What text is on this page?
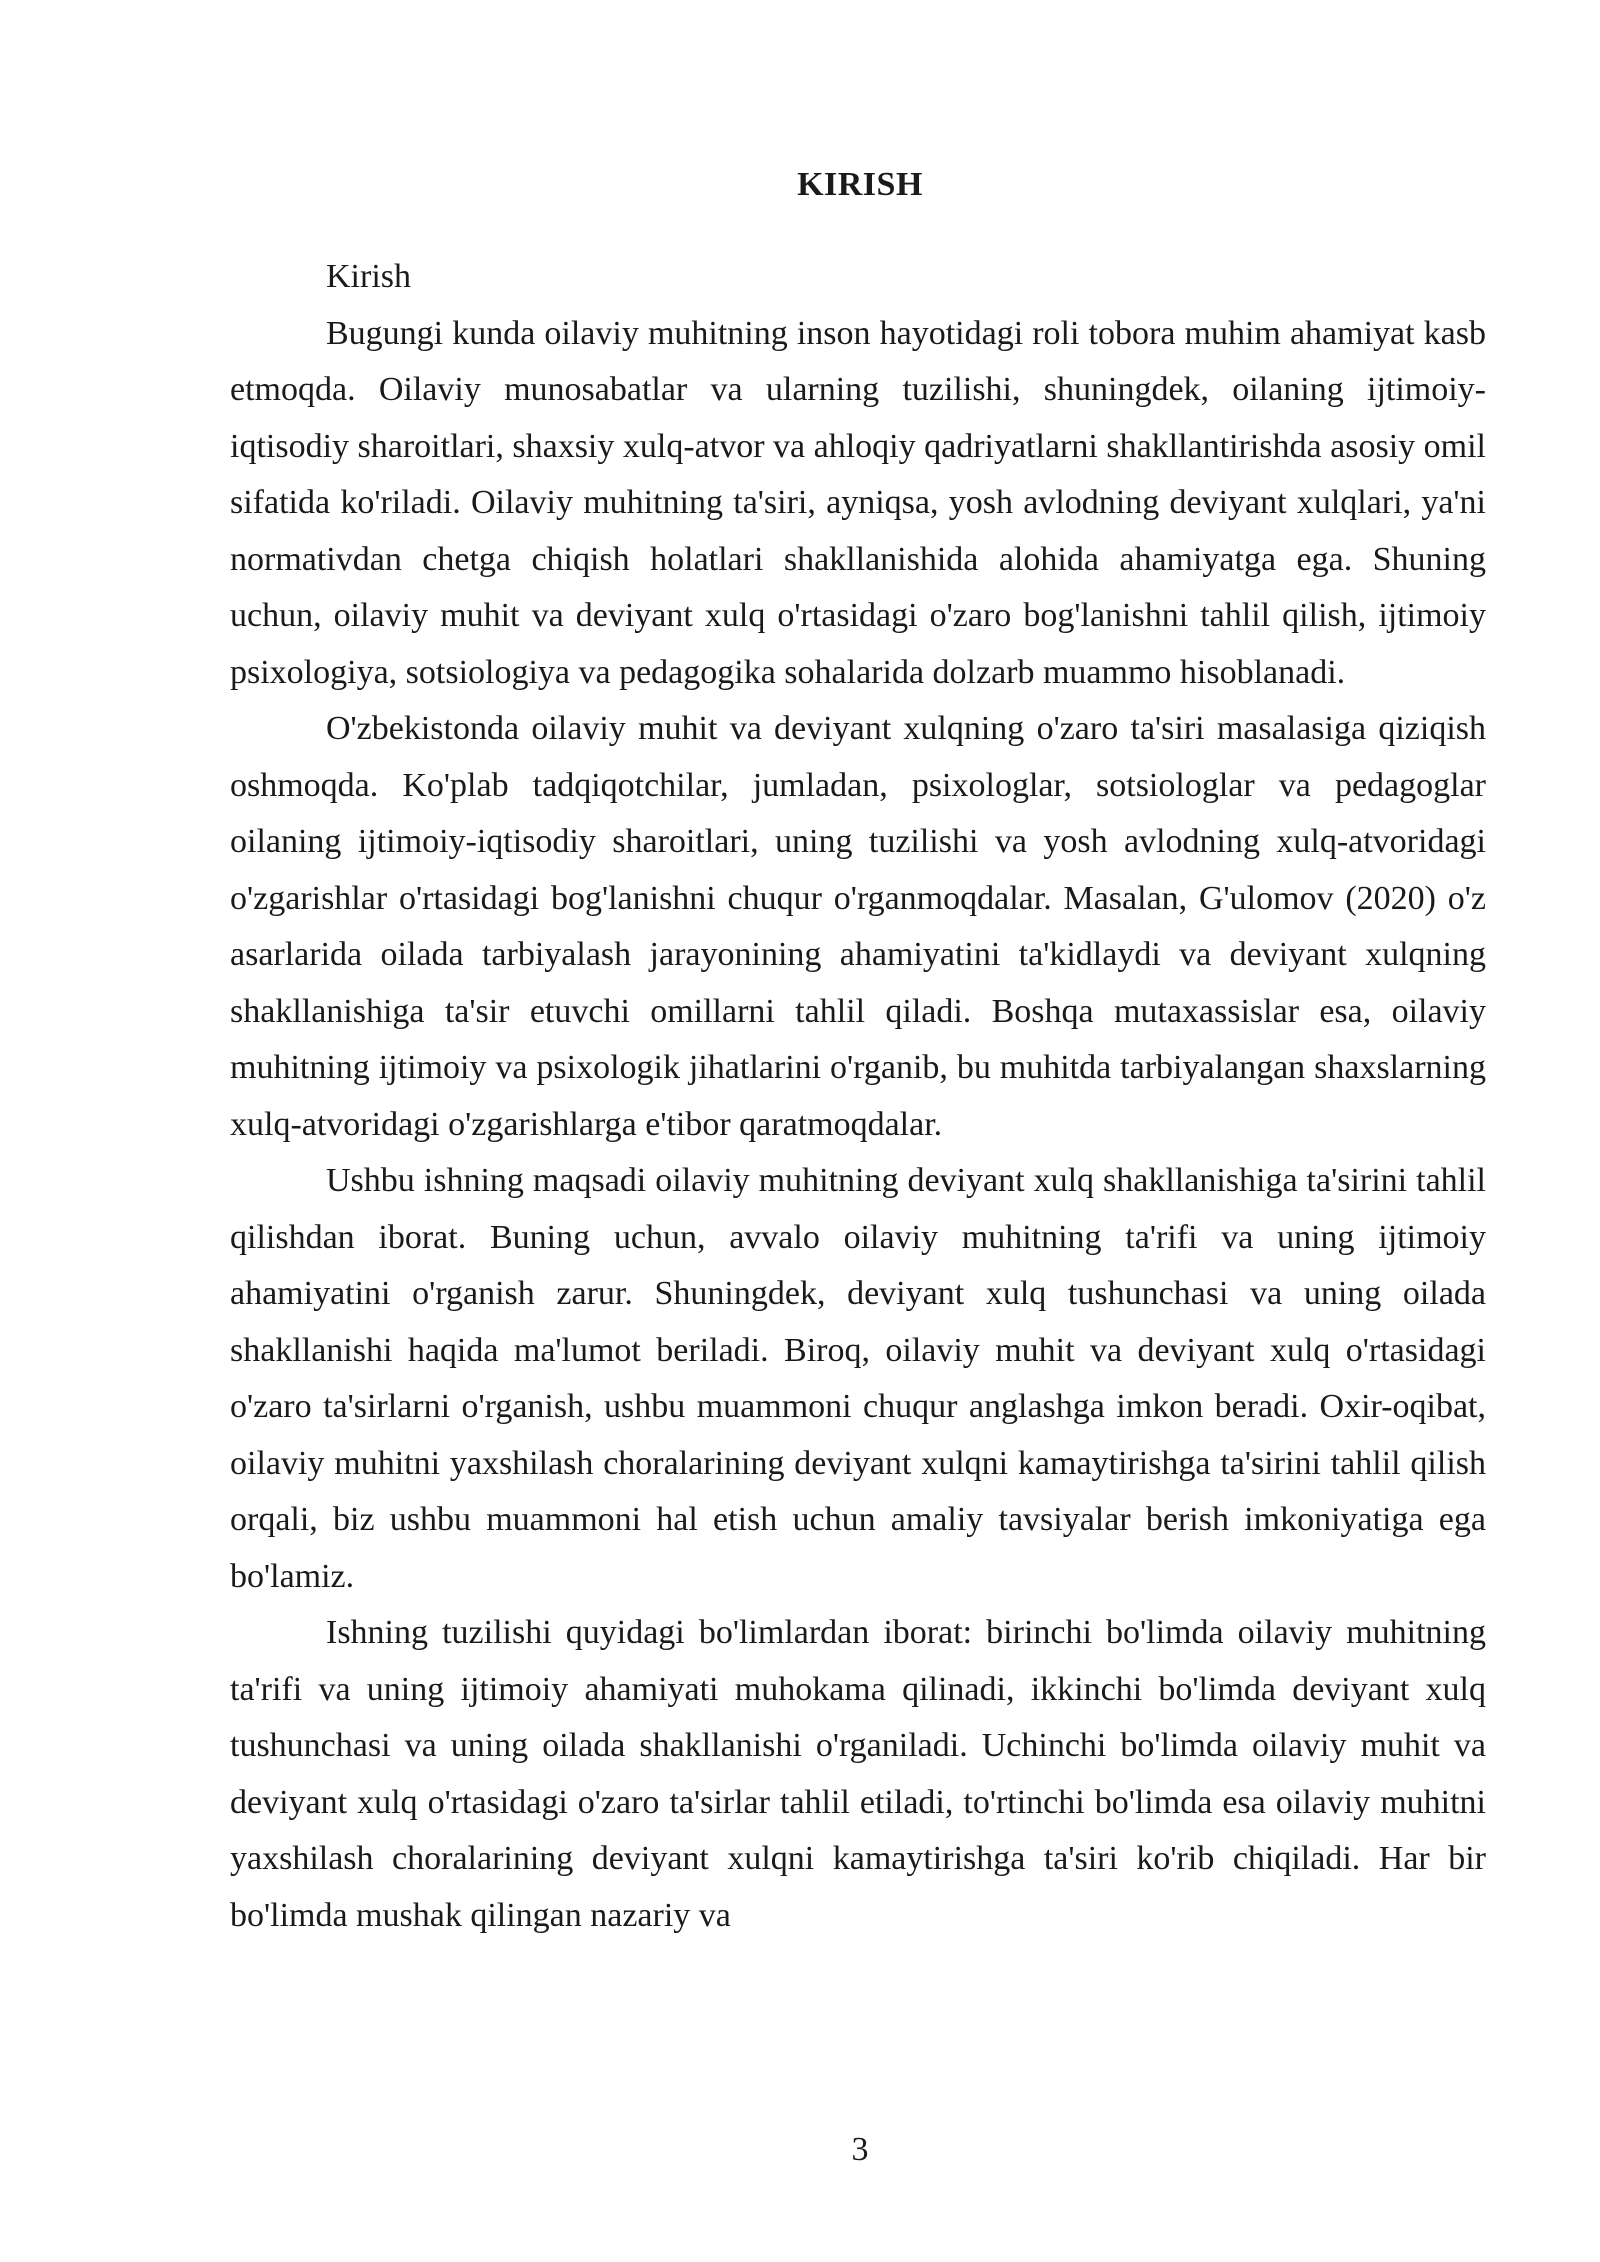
KIRISH

Kirish

Bugungi kunda oilaviy muhitning inson hayotidagi roli tobora muhim ahamiyat kasb etmoqda. Oilaviy munosabatlar va ularning tuzilishi, shuningdek, oilaning ijtimoiy-iqtisodiy sharoitlari, shaxsiy xulq-atvor va ahloqiy qadriyatlarni shakllantirishda asosiy omil sifatida ko'riladi. Oilaviy muhitning ta'siri, ayniqsa, yosh avlodning deviyant xulqlari, ya'ni normativdan chetga chiqish holatlari shakllanishida alohida ahamiyatga ega. Shuning uchun, oilaviy muhit va deviyant xulq o'rtasidagi o'zaro bog'lanishni tahlil qilish, ijtimoiy psixologiya, sotsiologiya va pedagogika sohalarida dolzarb muammo hisoblanadi.

O'zbekistonda oilaviy muhit va deviyant xulqning o'zaro ta'siri masalasiga qiziqish oshmoqda. Ko'plab tadqiqotchilar, jumladan, psixologlar, sotsiologlar va pedagoglar oilaning ijtimoiy-iqtisodiy sharoitlari, uning tuzilishi va yosh avlodning xulq-atvoridagi o'zgarishlar o'rtasidagi bog'lanishni chuqur o'rganmoqdalar. Masalan, G'ulomov (2020) o'z asarlarida oilada tarbiyalash jarayonining ahamiyatini ta'kidlaydi va deviyant xulqning shakllanishiga ta'sir etuvchi omillarni tahlil qiladi. Boshqa mutaxassislar esa, oilaviy muhitning ijtimoiy va psixologik jihatlarini o'rganib, bu muhitda tarbiyalangan shaxslarning xulq-atvoridagi o'zgarishlarga e'tibor qaratmoqdalar.

Ushbu ishning maqsadi oilaviy muhitning deviyant xulq shakllanishiga ta'sirini tahlil qilishdan iborat. Buning uchun, avvalo oilaviy muhitning ta'rifi va uning ijtimoiy ahamiyatini o'rganish zarur. Shuningdek, deviyant xulq tushunchasi va uning oilada shakllanishi haqida ma'lumot beriladi. Biroq, oilaviy muhit va deviyant xulq o'rtasidagi o'zaro ta'sirlarni o'rganish, ushbu muammoni chuqur anglashga imkon beradi. Oxir-oqibat, oilaviy muhitni yaxshilash choralarining deviyant xulqni kamaytirishga ta'sirini tahlil qilish orqali, biz ushbu muammoni hal etish uchun amaliy tavsiyalar berish imkoniyatiga ega bo'lamiz.

Ishning tuzilishi quyidagi bo'limlardan iborat: birinchi bo'limda oilaviy muhitning ta'rifi va uning ijtimoiy ahamiyati muhokama qilinadi, ikkinchi bo'limda deviyant xulq tushunchasi va uning oilada shakllanishi o'rganiladi. Uchinchi bo'limda oilaviy muhit va deviyant xulq o'rtasidagi o'zaro ta'sirlar tahlil etiladi, to'rtinchi bo'limda esa oilaviy muhitni yaxshilash choralarining deviyant xulqni kamaytirishga ta'siri ko'rib chiqiladi. Har bir bo'limda mushak qilingan nazariy va

3
